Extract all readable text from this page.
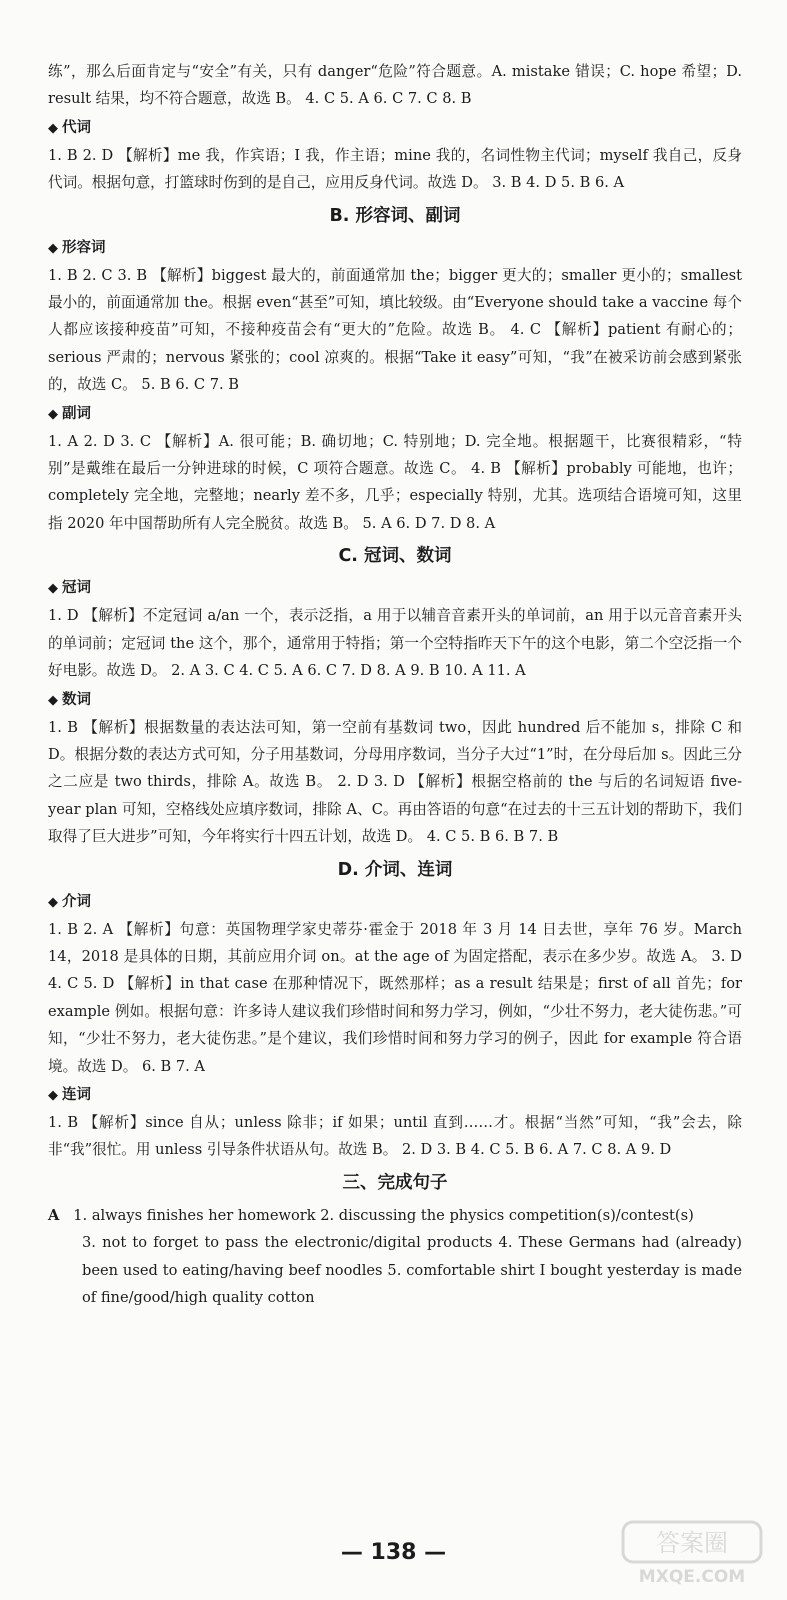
练”，那么后面肯定与“安全”有关，只有 danger“危险”符合题意。A. mistake 错误；C. hope 希望；D. result 结果，均不符合题意，故选 B。 4. C 5. A 6. C 7. C 8. B

◆ 代词

1. B 2. D 【解析】me 我，作宾语；I 我，作主语；mine 我的，名词性物主代词；myself 我自己，反身代词。根据句意，打篮球时伤到的是自己，应用反身代词。故选 D。 3. B 4. D 5. B 6. A

B. 形容词、副词
◆ 形容词

1. B 2. C 3. B 【解析】biggest 最大的，前面通常加 the；bigger 更大的；smaller 更小的；smallest 最小的，前面通常加 the。根据 even“甚至”可知，填比较级。由“Everyone should take a vaccine 每个人都应该接种疫苗”可知，不接种疫苗会有“更大的”危险。故选 B。 4. C 【解析】patient 有耐心的；serious 严肃的；nervous 紧张的；cool 凉爽的。根据“Take it easy”可知，“我”在被采访前会感到紧张的，故选 C。 5. B 6. C 7. B

◆ 副词

1. A 2. D 3. C 【解析】A. 很可能；B. 确切地；C. 特别地；D. 完全地。根据题干，比赛很精彩，“特别”是戴维在最后一分钟进球的时候，C 项符合题意。故选 C。 4. B 【解析】probably 可能地，也许；completely 完全地，完整地；nearly 差不多，几乎；especially 特别，尤其。选项结合语境可知，这里指 2020 年中国帮助所有人完全脱贫。故选 B。 5. A 6. D 7. D 8. A

C. 冠词、数词
◆ 冠词

1. D 【解析】不定冠词 a/an 一个，表示泛指，a 用于以辅音音素开头的单词前，an 用于以元音音素开头的单词前；定冠词 the 这个，那个，通常用于特指；第一个空特指昨天下午的这个电影，第二个空泛指一个好电影。故选 D。 2. A 3. C 4. C 5. A 6. C 7. D 8. A 9. B 10. A 11. A

◆ 数词

1. B 【解析】根据数量的表达法可知，第一空前有基数词 two，因此 hundred 后不能加 s，排除 C 和 D。根据分数的表达方式可知，分子用基数词，分母用序数词，当分子大过“1”时，在分母后加 s。因此三分之二应是 two thirds，排除 A。故选 B。 2. D 3. D 【解析】根据空格前的 the 与后的名词短语 five-year plan 可知，空格线处应填序数词，排除 A、C。再由答语的句意“在过去的十三五计划的帮助下，我们取得了巨大进步”可知，今年将实行十四五计划，故选 D。 4. C 5. B 6. B 7. B

D. 介词、连词
◆ 介词

1. B 2. A 【解析】句意：英国物理学家史蒂芬·霍金于 2018 年 3 月 14 日去世，享年 76 岁。March 14，2018 是具体的日期，其前应用介词 on。at the age of 为固定搭配，表示在多少岁。故选 A。 3. D 4. C 5. D 【解析】in that case 在那种情况下，既然那样；as a result 结果是；first of all 首先；for example 例如。根据句意：许多诗人建议我们珍惜时间和努力学习，例如，“少壮不努力，老大徒伤悲。”可知，“少壮不努力，老大徒伤悲。”是个建议，我们珍惜时间和努力学习的例子，因此 for example 符合语境。故选 D。 6. B 7. A

◆ 连词

1. B 【解析】since 自从；unless 除非；if 如果；until 直到……才。根据“当然”可知，“我”会去，除非“我”很忙。用 unless 引导条件状语从句。故选 B。 2. D 3. B 4. C 5. B 6. A 7. C 8. A 9. D

三、完成句子

A 1. always finishes her homework 2. discussing the physics competition(s)/contest(s)

3. not to forget to pass the electronic/digital products 4. These Germans had (already) been used to eating/having beef noodles 5. comfortable shirt I bought yesterday is made of fine/good/high quality cotton

— 138 —	答案圈
MXQE.COM
